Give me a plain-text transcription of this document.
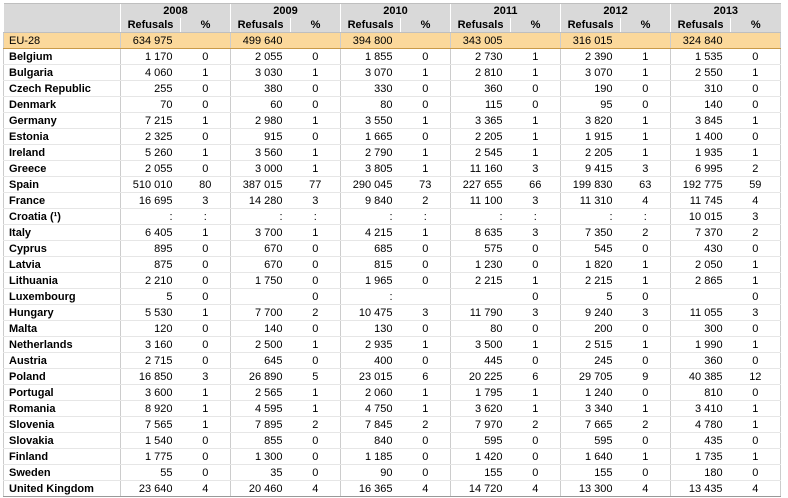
	2008		2009		2010		2011		2012		2013	
	Refusals	%	Refusals	%	Refusals	%	Refusals	%	Refusals	%	Refusals	%
EU-28	634 975		499 640		394 800		343 005		316 015		324 840	
Belgium	1 170	0	2 055	0	1 855	0	2 730	1	2 390	1	1 535	0
Bulgaria	4 060	1	3 030	1	3 070	1	2 810	1	3 070	1	2 550	1
Czech Republic	255	0	380	0	330	0	360	0	190	0	310	0
Denmark	70	0	60	0	80	0	115	0	95	0	140	0
Germany	7 215	1	2 980	1	3 550	1	3 365	1	3 820	1	3 845	1
Estonia	2 325	0	915	0	1 665	0	2 205	1	1 915	1	1 400	0
Ireland	5 260	1	3 560	1	2 790	1	2 545	1	2 205	1	1 935	1
Greece	2 055	0	3 000	1	3 805	1	11 160	3	9 415	3	6 995	2
Spain	510 010	80	387 015	77	290 045	73	227 655	66	199 830	63	192 775	59
France	16 695	3	14 280	3	9 840	2	11 100	3	11 310	4	11 745	4
Croatia (¹)	:	:	:	:	:	:	:	:	:	:	10 015	3
Italy	6 405	1	3 700	1	4 215	1	8 635	3	7 350	2	7 370	2
Cyprus	895	0	670	0	685	0	575	0	545	0	430	0
Latvia	875	0	670	0	815	0	1 230	0	1 820	1	2 050	1
Lithuania	2 210	0	1 750	0	1 965	0	2 215	1	2 215	1	2 865	1
Luxembourg	5	0		0	:			0	5	0		0
Hungary	5 530	1	7 700	2	10 475	3	11 790	3	9 240	3	11 055	3
Malta	120	0	140	0	130	0	80	0	200	0	300	0
Netherlands	3 160	0	2 500	1	2 935	1	3 500	1	2 515	1	1 990	1
Austria	2 715	0	645	0	400	0	445	0	245	0	360	0
Poland	16 850	3	26 890	5	23 015	6	20 225	6	29 705	9	40 385	12
Portugal	3 600	1	2 565	1	2 060	1	1 795	1	1 240	0	810	0
Romania	8 920	1	4 595	1	4 750	1	3 620	1	3 340	1	3 410	1
Slovenia	7 565	1	7 895	2	7 845	2	7 970	2	7 665	2	4 780	1
Slovakia	1 540	0	855	0	840	0	595	0	595	0	435	0
Finland	1 775	0	1 300	0	1 185	0	1 420	0	1 640	1	1 735	1
Sweden	55	0	35	0	90	0	155	0	155	0	180	0
United Kingdom	23 640	4	20 460	4	16 365	4	14 720	4	13 300	4	13 435	4
